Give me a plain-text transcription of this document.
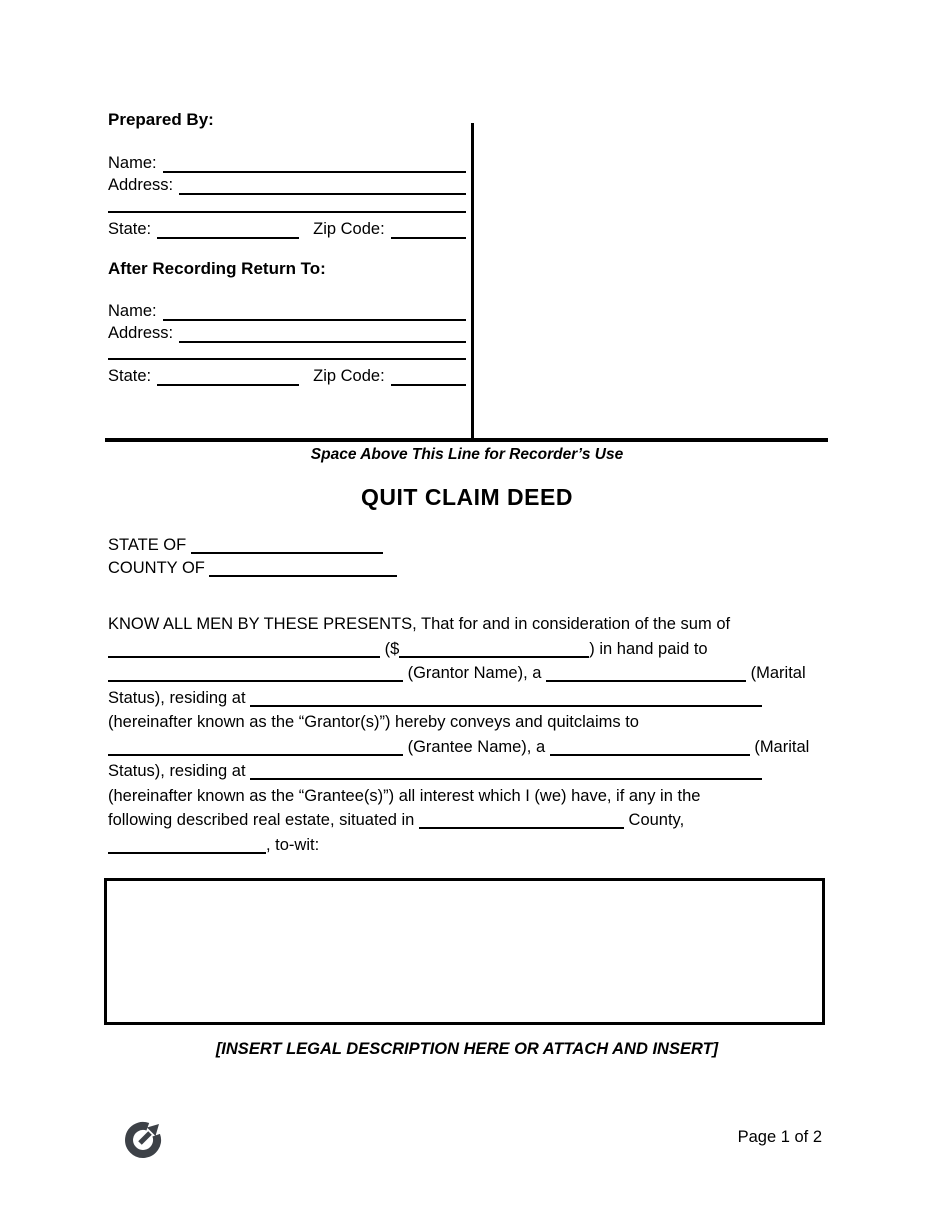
Prepared By:
Name:
Address:
State:	Zip Code:
After Recording Return To:
Name:
Address:
State:	Zip Code:
Space Above This Line for Recorder’s Use
QUIT CLAIM DEED
STATE OF
COUNTY OF
KNOW ALL MEN BY THESE PRESENTS, That for and in consideration of the sum of
($	) in hand paid to
(Grantor Name), a	(Marital
Status), residing at
(hereinafter known as the “Grantor(s)”) hereby conveys and quitclaims to
(Grantee Name), a	(Marital
Status), residing at
(hereinafter known as the “Grantee(s)”) all interest which I (we) have, if any in the
following described real estate, situated in	County,
, to-wit:
[INSERT LEGAL DESCRIPTION HERE OR ATTACH AND INSERT]
Page 1 of 2
